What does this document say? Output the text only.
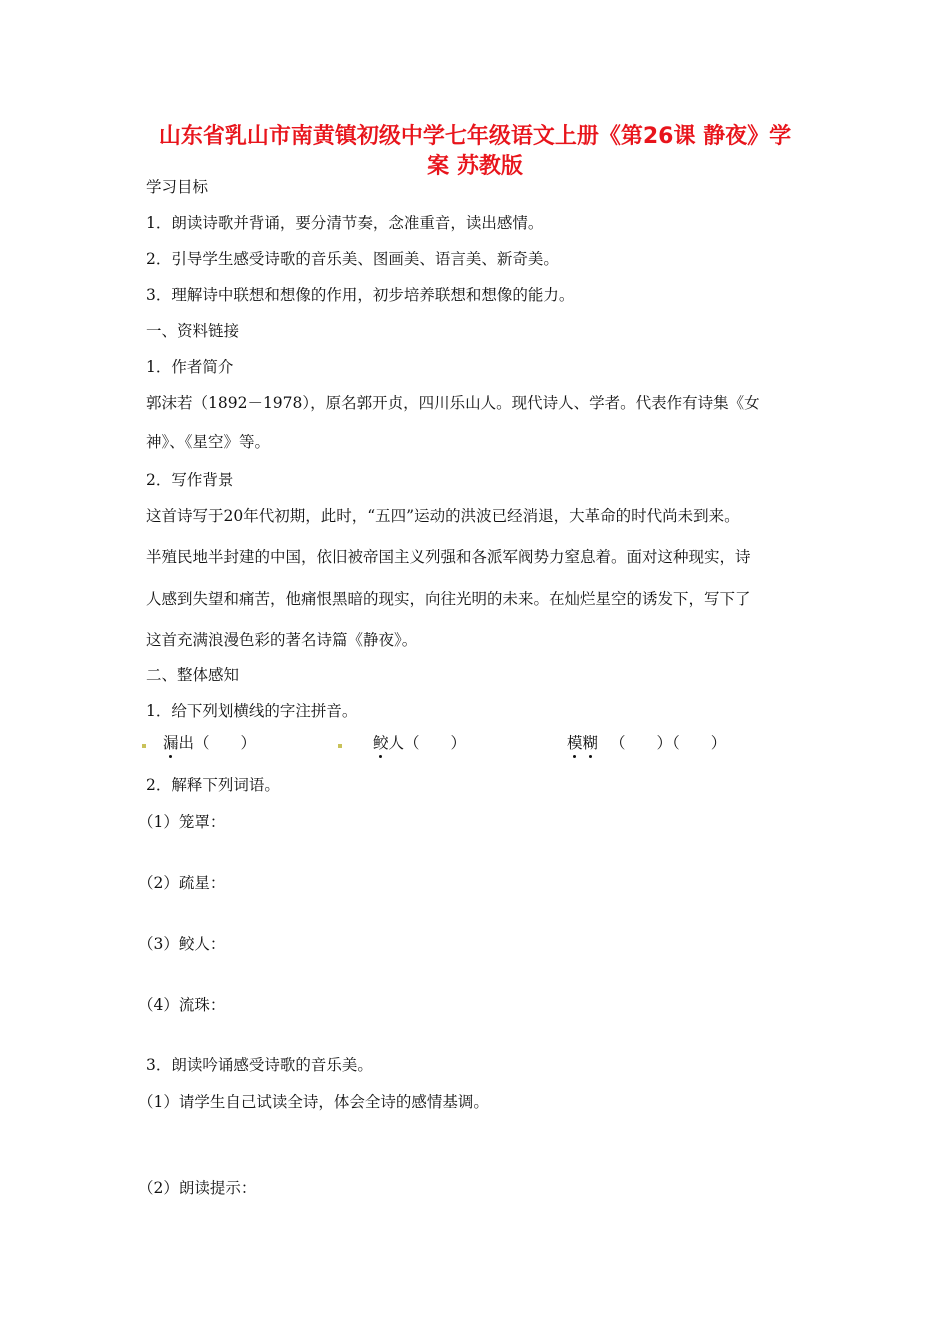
山东省乳山市南黄镇初级中学七年级语文上册《第26课 静夜》学
案 苏教版
学习目标
1．朗读诗歌并背诵，要分清节奏，念准重音，读出感情。
2．引导学生感受诗歌的音乐美、图画美、语言美、新奇美。
3．理解诗中联想和想像的作用，初步培养联想和想像的能力。
一、资料链接
1．作者简介
郭沫若（1892－1978），原名郭开贞，四川乐山人。现代诗人、学者。代表作有诗集《女
神》、《星空》等。
2．写作背景
这首诗写于20年代初期，此时，“五四”运动的洪波已经消退，大革命的时代尚未到来。
半殖民地半封建的中国，依旧被帝国主义列强和各派军阀势力窒息着。面对这种现实，诗
人感到失望和痛苦，他痛恨黑暗的现实，向往光明的未来。在灿烂星空的诱发下，写下了
这首充满浪漫色彩的著名诗篇《静夜》。
二、整体感知
1．给下列划横线的字注拼音。
漏出（　　）	鲛人（　　）	模糊 （　　）（　　）
2．解释下列词语。
（1）笼罩：
（2）疏星：
（3）鲛人：
（4）流珠：
3．朗读吟诵感受诗歌的音乐美。
（1）请学生自己试读全诗，体会全诗的感情基调。
（2）朗读提示：
